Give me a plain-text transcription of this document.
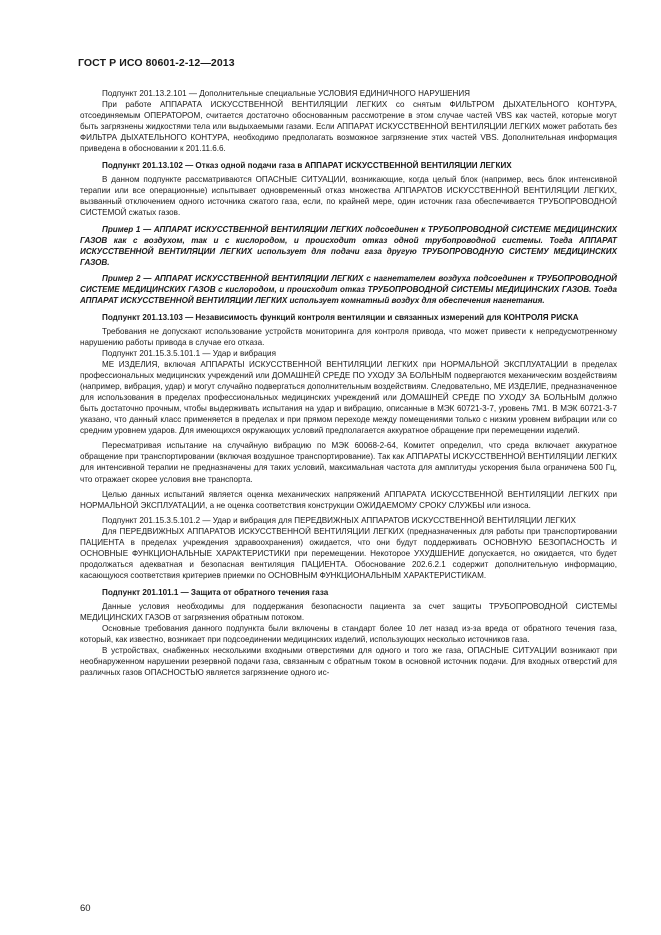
ГОСТ Р ИСО 80601-2-12—2013

Подпункт 201.13.2.101 — Дополнительные специальные УСЛОВИЯ ЕДИНИЧНОГО НАРУШЕНИЯ

При работе АППАРАТА ИСКУССТВЕННОЙ ВЕНТИЛЯЦИИ ЛЕГКИХ со снятым ФИЛЬТРОМ ДЫХАТЕЛЬНОГО КОНТУРА, отсоединяемым ОПЕРАТОРОМ, считается достаточно обоснованным рассмотрение в этом случае частей VBS как частей, которые могут быть загрязнены жидкостями тела или выдыхаемыми газами. Если АППАРАТ ИСКУССТВЕННОЙ ВЕНТИЛЯЦИИ ЛЕГКИХ может работать без ФИЛЬТРА ДЫХАТЕЛЬНОГО КОНТУРА, необходимо предполагать возможное загрязнение этих частей VBS. Дополнительная информация приведена в обосновании к 201.11.6.6.

Подпункт 201.13.102 — Отказ одной подачи газа в АППАРАТ ИСКУССТВЕННОЙ ВЕНТИЛЯЦИИ ЛЕГКИХ

В данном подпункте рассматриваются ОПАСНЫЕ СИТУАЦИИ, возникающие, когда целый блок (например, весь блок интенсивной терапии или все операционные) испытывает одновременный отказ множества АППАРАТОВ ИСКУССТВЕННОЙ ВЕНТИЛЯЦИИ ЛЕГКИХ, вызванный отключением одного источника сжатого газа, если, по крайней мере, один источник газа обеспечивается ТРУБОПРОВОДНОЙ СИСТЕМОЙ сжатых газов.

Пример 1 — АППАРАТ ИСКУССТВЕННОЙ ВЕНТИЛЯЦИИ ЛЕГКИХ подсоединен к ТРУБОПРОВОДНОЙ СИСТЕМЕ МЕДИЦИНСКИХ ГАЗОВ как с воздухом, так и с кислородом, и происходит отказ одной трубопроводной системы. Тогда АППАРАТ ИСКУССТВЕННОЙ ВЕНТИЛЯЦИИ ЛЕГКИХ использует для подачи газа другую ТРУБОПРОВОДНУЮ СИСТЕМУ МЕДИЦИНСКИХ ГАЗОВ.

Пример 2 — АППАРАТ ИСКУССТВЕННОЙ ВЕНТИЛЯЦИИ ЛЕГКИХ с нагнетателем воздуха подсоединен к ТРУБОПРОВОДНОЙ СИСТЕМЕ МЕДИЦИНСКИХ ГАЗОВ с кислородом, и происходит отказ ТРУБОПРОВОДНОЙ СИСТЕМЫ МЕДИЦИНСКИХ ГАЗОВ. Тогда АППАРАТ ИСКУССТВЕННОЙ ВЕНТИЛЯЦИИ ЛЕГКИХ использует комнатный воздух для обеспечения нагнетания.

Подпункт 201.13.103 — Независимость функций контроля вентиляции и связанных измерений для КОНТРОЛЯ РИСКА

Требования не допускают использование устройств мониторинга для контроля привода, что может привести к непредусмотренному нарушению работы привода в случае его отказа.

Подпункт 201.15.3.5.101.1 — Удар и вибрация

МЕ ИЗДЕЛИЯ, включая АППАРАТЫ ИСКУССТВЕННОЙ ВЕНТИЛЯЦИИ ЛЕГКИХ при НОРМАЛЬНОЙ ЭКСПЛУАТАЦИИ в пределах профессиональных медицинских учреждений или ДОМАШНЕЙ СРЕДЕ ПО УХОДУ ЗА БОЛЬНЫМ подвергаются механическим воздействиям (например, вибрация, удар) и могут случайно подвергаться дополнительным воздействиям. Следовательно, МЕ ИЗДЕЛИЕ, предназначенное для использования в пределах профессиональных медицинских учреждений или ДОМАШНЕЙ СРЕДЕ ПО УХОДУ ЗА БОЛЬНЫМ должно быть достаточно прочным, чтобы выдерживать испытания на удар и вибрацию, описанные в МЭК 60721-3-7, уровень 7М1. В МЭК 60721-3-7 указано, что данный класс применяется в пределах и при прямом переходе между помещениями только с низким уровнем вибрации или со средним уровнем ударов. Для имеющихся окружающих условий предполагается аккуратное обращение при перемещении изделий.

Пересматривая испытание на случайную вибрацию по МЭК 60068-2-64, Комитет определил, что среда включает аккуратное обращение при транспортировании (включая воздушное транспортирование). Так как АППАРАТЫ ИСКУССТВЕННОЙ ВЕНТИЛЯЦИИ ЛЕГКИХ для интенсивной терапии не предназначены для таких условий, максимальная частота для амплитуды ускорения была ограничена 500 Гц, что отражает скорее условия вне транспорта.

Целью данных испытаний является оценка механических напряжений АППАРАТА ИСКУССТВЕННОЙ ВЕНТИЛЯЦИИ ЛЕГКИХ при НОРМАЛЬНОЙ ЭКСПЛУАТАЦИИ, а не оценка соответствия конструкции ОЖИДАЕМОМУ СРОКУ СЛУЖБЫ или износа.

Подпункт 201.15.3.5.101.2 — Удар и вибрация для ПЕРЕДВИЖНЫХ АППАРАТОВ ИСКУССТВЕННОЙ ВЕНТИЛЯЦИИ ЛЕГКИХ

Для ПЕРЕДВИЖНЫХ АППАРАТОВ ИСКУССТВЕННОЙ ВЕНТИЛЯЦИИ ЛЕГКИХ (предназначенных для работы при транспортировании ПАЦИЕНТА в пределах учреждения здравоохранения) ожидается, что они будут поддерживать ОСНОВНУЮ БЕЗОПАСНОСТЬ И ОСНОВНЫЕ ФУНКЦИОНАЛЬНЫЕ ХАРАКТЕРИСТИКИ при перемещении. Некоторое УХУДШЕНИЕ допускается, но ожидается, что будет продолжаться адекватная и безопасная вентиляция ПАЦИЕНТА. Обоснование 202.6.2.1 содержит дополнительную информацию, касающуюся соответствия критериев приемки по ОСНОВНЫМ ФУНКЦИОНАЛЬНЫМ ХАРАКТЕРИСТИКАМ.

Подпункт 201.101.1 — Защита от обратного течения газа

Данные условия необходимы для поддержания безопасности пациента за счет защиты ТРУБОПРОВОДНОЙ СИСТЕМЫ МЕДИЦИНСКИХ ГАЗОВ от загрязнения обратным потоком.

Основные требования данного подпункта были включены в стандарт более 10 лет назад из-за вреда от обратного течения газа, который, как известно, возникает при подсоединении медицинских изделий, использующих несколько источников газа.

В устройствах, снабженных несколькими входными отверстиями для одного и того же газа, ОПАСНЫЕ СИТУАЦИИ возникают при необнаруженном нарушении резервной подачи газа, связанным с обратным током в основной источник подачи. Для входных отверстий для различных газов ОПАСНОСТЬЮ является загрязнение одного ис-

60
